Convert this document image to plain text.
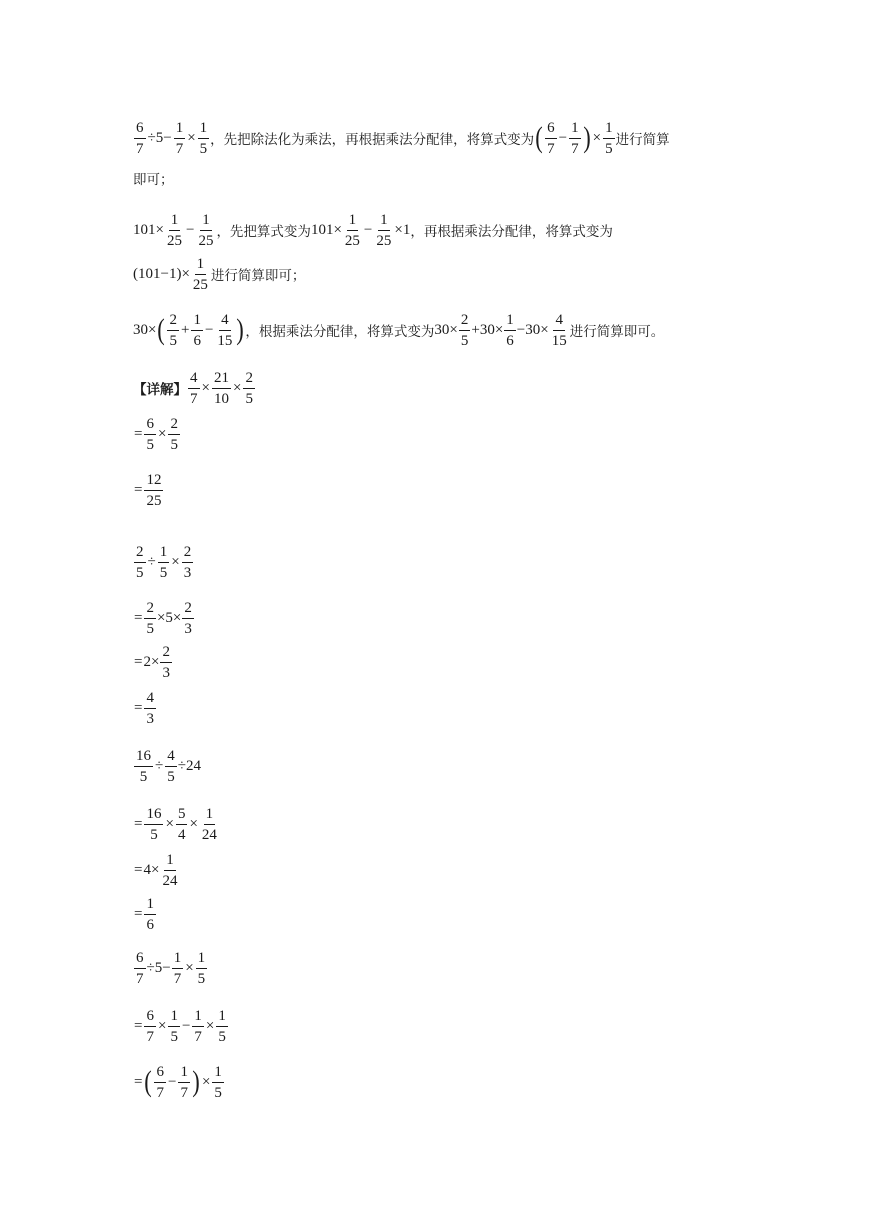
$\frac{6}{7} \div 5- \frac{1}{7} \times \frac{1}{5}$ ，先把除法化为乘法，再根据乘法分配律，将算式变为 ( $\frac{6}{7} - \frac{1}{7}$ ) × $\frac{1}{5}$ 进行简算
即可；
$101\times \frac{1}{25} - \frac{1}{25}$ ，先把算式变为 $101\times \frac{1}{25} - \frac{1}{25} \times 1$ ，再根据乘法分配律，将算式变为
$(101-1)\times \frac{1}{25}$ 进行简算即可；
30× ( $\frac{2}{5} + \frac{1}{6} - \frac{4}{15}$ ) ，根据乘法分配律，将算式变为 $30\times \frac{2}{5} +30\times \frac{1}{6} -30\times \frac{4}{15}$ 进行简算即可。
【详解】 $\frac{4}{7} \times \frac{21}{10} \times \frac{2}{5}$
= $\frac{6}{5} \times \frac{2}{5}$
= $\frac{12}{25}$
$\frac{2}{5} \div \frac{1}{5} \times \frac{2}{3}$
= $\frac{2}{5} \times 5\times \frac{2}{3}$
= $2\times \frac{2}{3}$
= $\frac{4}{3}$
$\frac{16}{5} \div \frac{4}{5} \div 24$
= $\frac{16}{5} \times \frac{5}{4} \times \frac{1}{24}$
= $4\times \frac{1}{24}$
= $\frac{1}{6}$
$\frac{6}{7} \div 5- \frac{1}{7} \times \frac{1}{5}$
= $\frac{6}{7} \times \frac{1}{5} - \frac{1}{7} \times \frac{1}{5}$
= ( $\frac{6}{7} - \frac{1}{7}$ ) × $\frac{1}{5}$
